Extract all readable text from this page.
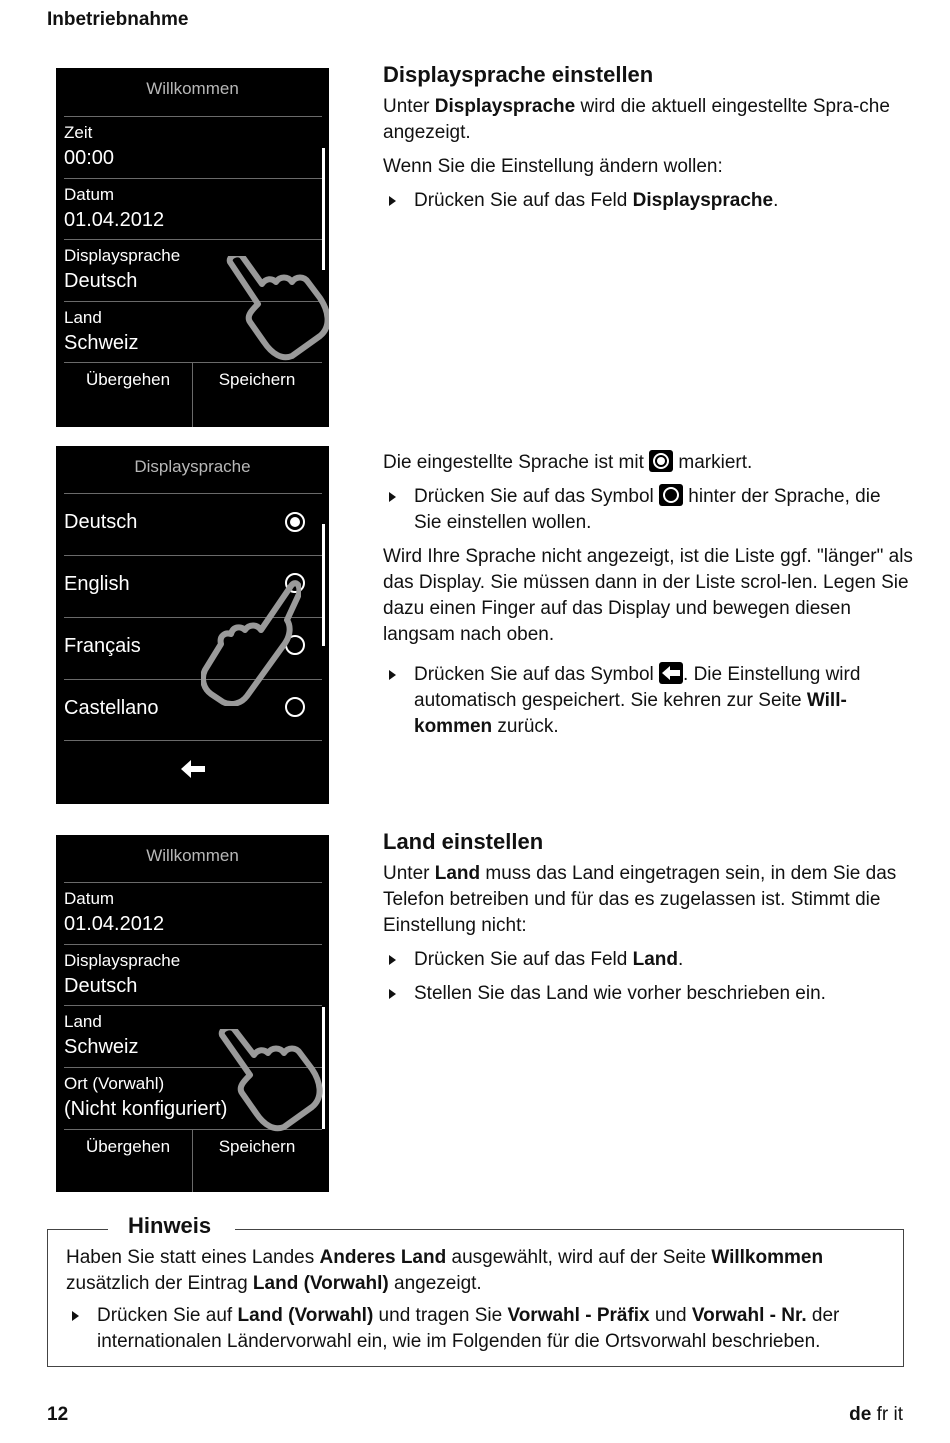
Inbetriebnahme
Willkommen
Zeit
00:00
Datum
01.04.2012
Displaysprache
Deutsch
Land
Schweiz
Übergehen	Speichern
Displaysprache
Deutsch
English
Français
Castellano
Willkommen
Datum
01.04.2012
Displaysprache
Deutsch
Land
Schweiz
Ort (Vorwahl)
(Nicht konfiguriert)
Übergehen	Speichern
Displaysprache einstellen
Unter Displaysprache wird die aktuell eingestellte Spra-che angezeigt.
Wenn Sie die Einstellung ändern wollen:
Drücken Sie auf das Feld Displaysprache.
Die eingestellte Sprache ist mit  markiert.
Drücken Sie auf das Symbol  hinter der Sprache, die Sie einstellen wollen.
Wird Ihre Sprache nicht angezeigt, ist die Liste ggf. "länger" als das Display. Sie müssen dann in der Liste scrol-len. Legen Sie dazu einen Finger auf das Display und bewegen diesen langsam nach oben.
Drücken Sie auf das Symbol
. Die Einstellung wird automatisch gespeichert. Sie kehren zur Seite Will-kommen zurück.
Land einstellen
Unter Land muss das Land eingetragen sein, in dem Sie das Telefon betreiben und für das es zugelassen ist. Stimmt die Einstellung nicht:
Drücken Sie auf das Feld Land.
Stellen Sie das Land wie vorher beschrieben ein.
Hinweis
Haben Sie statt eines Landes Anderes Land ausgewählt, wird auf der Seite Willkommen zusätzlich der Eintrag Land (Vorwahl) angezeigt.
Drücken Sie auf Land (Vorwahl) und tragen Sie Vorwahl - Präfix und Vorwahl - Nr. der internationalen Ländervorwahl ein, wie im Folgenden für die Ortsvorwahl beschrieben.
12	de fr it
